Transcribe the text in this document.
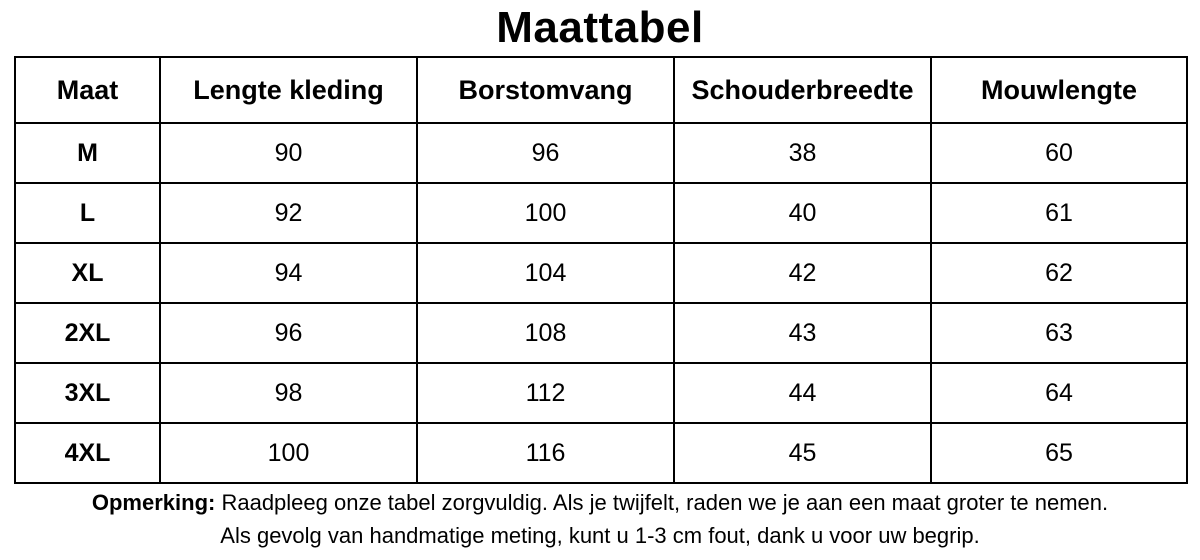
Maattabel
Maat	Lengte kleding	Borstomvang	Schouderbreedte	Mouwlengte
M	90	96	38	60
L	92	100	40	61
XL	94	104	42	62
2XL	96	108	43	63
3XL	98	112	44	64
4XL	100	116	45	65
Opmerking: Raadpleeg onze tabel zorgvuldig. Als je twijfelt, raden we je aan een maat groter te nemen.
Als gevolg van handmatige meting, kunt u 1-3 cm fout, dank u voor uw begrip.
